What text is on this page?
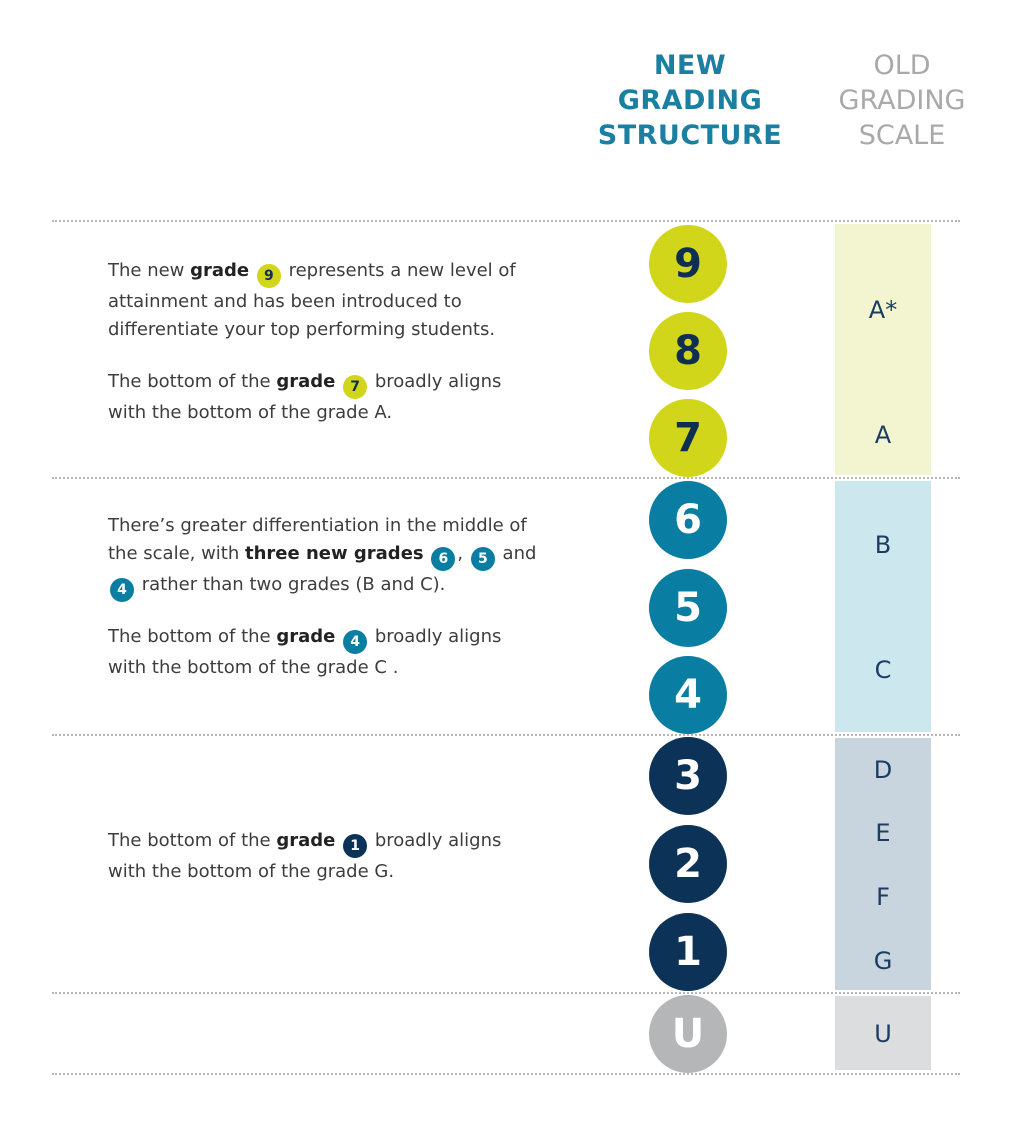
NEW
GRADING
STRUCTURE
OLD
GRADING
SCALE
A*
A
B
C
D
E
F
G
U
9
8
7
6
5
4
3
2
1
U
The new grade 9 represents a new level of attainment and has been introduced to differentiate your top performing students.
The bottom of the grade 7 broadly aligns with the bottom of the grade A.
There’s greater differentiation in the middle of the scale, with three new grades 6 , 5 and 4 rather than two grades (B and C).
The bottom of the grade 4 broadly aligns with the bottom of the grade C .
The bottom of the grade 1 broadly aligns with the bottom of the grade G.
